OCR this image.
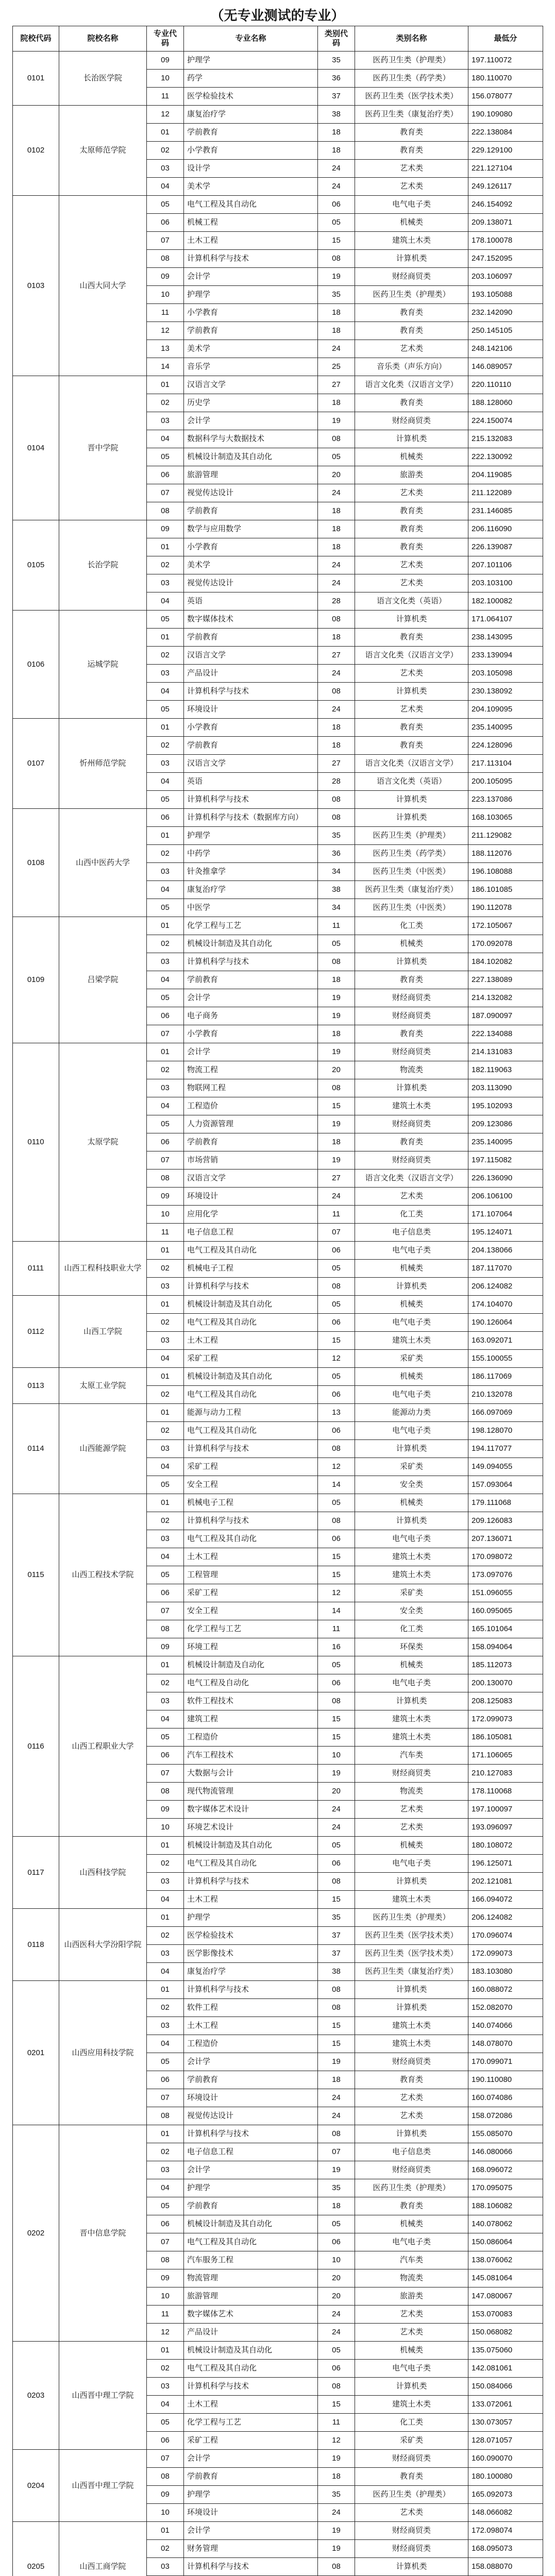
（无专业测试的专业）
院校代码	院校名称	专业代码	专业名称	类别代码	类别名称	最低分
0101	长治医学院	09	护理学	35	医药卫生类（护理类）	197.110072
		10	药学	36	医药卫生类（药学类）	180.110070
		11	医学检验技术	37	医药卫生类（医学技术类）	156.078077
0102	太原师范学院	12	康复治疗学	38	医药卫生类（康复治疗类）	190.109080
		01	学前教育	18	教育类	222.138084
		02	小学教育	18	教育类	229.129100
		03	设计学	24	艺术类	221.127104
		04	美术学	24	艺术类	249.126117
0103	山西大同大学	05	电气工程及其自动化	06	电气电子类	246.154092
		06	机械工程	05	机械类	209.138071
		07	土木工程	15	建筑土木类	178.100078
		08	计算机科学与技术	08	计算机类	247.152095
		09	会计学	19	财经商贸类	203.106097
		10	护理学	35	医药卫生类（护理类）	193.105088
		11	小学教育	18	教育类	232.142090
		12	学前教育	18	教育类	250.145105
		13	美术学	24	艺术类	248.142106
		14	音乐学	25	音乐类（声乐方向）	146.089057
0104	晋中学院	01	汉语言文学	27	语言文化类（汉语言文学）	220.110110
		02	历史学	18	教育类	188.128060
		03	会计学	19	财经商贸类	224.150074
		04	数据科学与大数据技术	08	计算机类	215.132083
		05	机械设计制造及其自动化	05	机械类	222.130092
		06	旅游管理	20	旅游类	204.119085
		07	视觉传达设计	24	艺术类	211.122089
		08	学前教育	18	教育类	231.146085
0105	长治学院	09	数学与应用数学	18	教育类	206.116090
		01	小学教育	18	教育类	226.139087
		02	美术学	24	艺术类	207.101106
		03	视觉传达设计	24	艺术类	203.103100
		04	英语	28	语言文化类（英语）	182.100082
0106	运城学院	05	数字媒体技术	08	计算机类	171.064107
		01	学前教育	18	教育类	238.143095
		02	汉语言文学	27	语言文化类（汉语言文学）	233.139094
		03	产品设计	24	艺术类	203.105098
		04	计算机科学与技术	08	计算机类	230.138092
		05	环境设计	24	艺术类	204.109095
0107	忻州师范学院	01	小学教育	18	教育类	235.140095
		02	学前教育	18	教育类	224.128096
		03	汉语言文学	27	语言文化类（汉语言文学）	217.113104
		04	英语	28	语言文化类（英语）	200.105095
		05	计算机科学与技术	08	计算机类	223.137086
0108	山西中医药大学	06	计算机科学与技术（数据库方向）	08	计算机类	168.103065
		01	护理学	35	医药卫生类（护理类）	211.129082
		02	中药学	36	医药卫生类（药学类）	188.112076
		03	针灸推拿学	34	医药卫生类（中医类）	196.108088
		04	康复治疗学	38	医药卫生类（康复治疗类）	186.101085
		05	中医学	34	医药卫生类（中医类）	190.112078
0109	吕梁学院	01	化学工程与工艺	11	化工类	172.105067
		02	机械设计制造及其自动化	05	机械类	170.092078
		03	计算机科学与技术	08	计算机类	184.102082
		04	学前教育	18	教育类	227.138089
		05	会计学	19	财经商贸类	214.132082
		06	电子商务	19	财经商贸类	187.090097
		07	小学教育	18	教育类	222.134088
0110	太原学院	01	会计学	19	财经商贸类	214.131083
		02	物流工程	20	物流类	182.119063
		03	物联网工程	08	计算机类	203.113090
		04	工程造价	15	建筑土木类	195.102093
		05	人力资源管理	19	财经商贸类	209.123086
		06	学前教育	18	教育类	235.140095
		07	市场营销	19	财经商贸类	197.115082
		08	汉语言文学	27	语言文化类（汉语言文学）	226.136090
		09	环境设计	24	艺术类	206.106100
		10	应用化学	11	化工类	171.107064
		11	电子信息工程	07	电子信息类	195.124071
0111	山西工程科技职业大学	01	电气工程及其自动化	06	电气电子类	204.138066
		02	机械电子工程	05	机械类	187.117070
		03	计算机科学与技术	08	计算机类	206.124082
0112	山西工学院	01	机械设计制造及其自动化	05	机械类	174.104070
		02	电气工程及其自动化	06	电气电子类	190.126064
		03	土木工程	15	建筑土木类	163.092071
		04	采矿工程	12	采矿类	155.100055
0113	太原工业学院	01	机械设计制造及其自动化	05	机械类	186.117069
		02	电气工程及其自动化	06	电气电子类	210.132078
0114	山西能源学院	01	能源与动力工程	13	能源动力类	166.097069
		02	电气工程及其自动化	06	电气电子类	198.128070
		03	计算机科学与技术	08	计算机类	194.117077
		04	采矿工程	12	采矿类	149.094055
		05	安全工程	14	安全类	157.093064
0115	山西工程技术学院	01	机械电子工程	05	机械类	179.111068
		02	计算机科学与技术	08	计算机类	209.126083
		03	电气工程及其自动化	06	电气电子类	207.136071
		04	土木工程	15	建筑土木类	170.098072
		05	工程管理	15	建筑土木类	173.097076
		06	采矿工程	12	采矿类	151.096055
		07	安全工程	14	安全类	160.095065
		08	化学工程与工艺	11	化工类	165.101064
		09	环境工程	16	环保类	158.094064
0116	山西工程职业大学	01	机械设计制造及自动化	05	机械类	185.112073
		02	电气工程及自动化	06	电气电子类	200.130070
		03	软件工程技术	08	计算机类	208.125083
		04	建筑工程	15	建筑土木类	172.099073
		05	工程造价	15	建筑土木类	186.105081
		06	汽车工程技术	10	汽车类	171.106065
		07	大数据与会计	19	财经商贸类	210.127083
		08	现代物流管理	20	物流类	178.110068
		09	数字媒体艺术设计	24	艺术类	197.100097
		10	环境艺术设计	24	艺术类	193.096097
0117	山西科技学院	01	机械设计制造及其自动化	05	机械类	180.108072
		02	电气工程及其自动化	06	电气电子类	196.125071
		03	计算机科学与技术	08	计算机类	202.121081
		04	土木工程	15	建筑土木类	166.094072
0118	山西医科大学汾阳学院	01	护理学	35	医药卫生类（护理类）	206.124082
		02	医学检验技术	37	医药卫生类（医学技术类）	170.096074
		03	医学影像技术	37	医药卫生类（医学技术类）	172.099073
		04	康复治疗学	38	医药卫生类（康复治疗类）	183.103080
0201	山西应用科技学院	01	计算机科学与技术	08	计算机类	160.088072
		02	软件工程	08	计算机类	152.082070
		03	土木工程	15	建筑土木类	140.074066
		04	工程造价	15	建筑土木类	148.078070
		05	会计学	19	财经商贸类	170.099071
		06	学前教育	18	教育类	190.110080
		07	环境设计	24	艺术类	160.074086
		08	视觉传达设计	24	艺术类	158.072086
0202	晋中信息学院	01	计算机科学与技术	08	计算机类	155.085070
		02	电子信息工程	07	电子信息类	146.080066
		03	会计学	19	财经商贸类	168.096072
		04	护理学	35	医药卫生类（护理类）	170.095075
		05	学前教育	18	教育类	188.106082
		06	机械设计制造及其自动化	05	机械类	140.078062
		07	电气工程及其自动化	06	电气电子类	150.086064
		08	汽车服务工程	10	汽车类	138.076062
		09	物流管理	20	物流类	145.081064
		10	旅游管理	20	旅游类	147.080067
		11	数字媒体艺术	24	艺术类	153.070083
		12	产品设计	24	艺术类	150.068082
0203	山西晋中理工学院	01	机械设计制造及其自动化	05	机械类	135.075060
		02	电气工程及其自动化	06	电气电子类	142.081061
		03	计算机科学与技术	08	计算机类	150.084066
		04	土木工程	15	建筑土木类	133.072061
		05	化学工程与工艺	11	化工类	130.073057
		06	采矿工程	12	采矿类	128.071057
0204	山西晋中理工学院	07	会计学	19	财经商贸类	160.090070
		08	学前教育	18	教育类	180.100080
		09	护理学	35	医药卫生类（护理类）	165.092073
		10	环境设计	24	艺术类	148.066082
0205	山西工商学院	01	会计学	19	财经商贸类	172.098074
		02	财务管理	19	财经商贸类	168.095073
		03	计算机科学与技术	08	计算机类	158.088070
